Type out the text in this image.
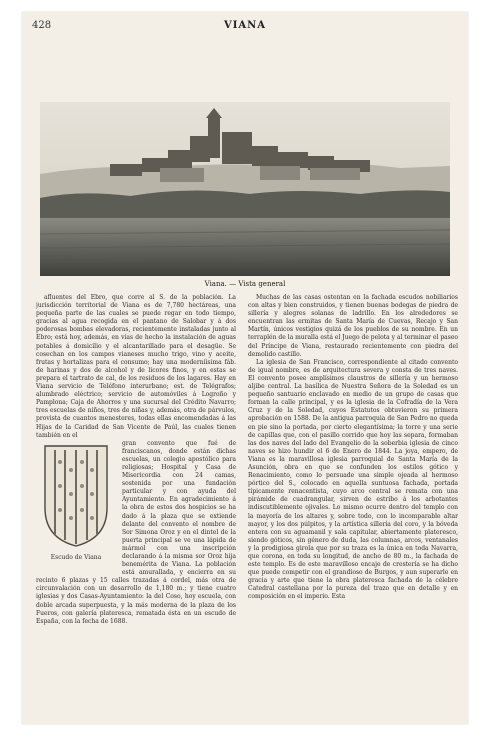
428	VIANA
Viana. — Vista general

afluentes del Ebro, que corre al S. de la población. La jurisdicción territorial de Viana es de 7,780 hectáreas, una pequeña parte de las cuales se puede regar en todo tiempo, gracias al agua recogida en el pantano de Salobar y á dos poderosas bombas elevadoras, recientemente instaladas junto al Ebro; está hoy, además, en vías de hecho la instalación de aguas potables á domicilio y el alcantarillado para el desagüe. Se cosechan en los campos vianeses mucho trigo, vino y aceite, frutas y hortalizas para el consumo; hay una moderníisima fáb. de harinas y dos de alcohol y de licores finos, y en estas se prepara el tartrato de cal, de los residuos de los lagares. Hay en Viana servicio de Teléfono interurbano; est. de Telégrafos; alumbrado eléctrico; servicio de automóviles á Logroño y Pamplona; Caja de Ahorros y una sucursal del Crédito Navarro; tres escuelas de niños, tres de niñas y, además, otra de párvulos, provista de cuantos menesteres, todas ellas encomendadas á las Hijas de la Caridad de San Vicente de Paúl, las cuales tienen también en el

Escudo de Viana

gran convento que fué de franciscanos, donde están dichas escuelas, un colegio apostólico para religiosas; Hospital y Casa de Misericordia con 24 camas, sostenida por una fundación particular y con ayuda del Ayuntamiento. En agradecimiento á la obra de estos dos hospicios se ha dado á la plaza que se extiende delante del convento el nombre de Sor Simona Oroz y en el dintel de la puerta principal se ve una lápida de mármol con una inscripción declarando á la misma sor Oroz hija benemérita de Viana. La población está amurallada, y encierra en su recinto 6 plazas y 15 calles trazadas á cordel, más otra de circunvalación con un desarrollo de 1,180 m.; y tiene cuatro iglesias y dos Casas-Ayuntamiento: la del Coso, hoy escuela, con doble arcada superpuesta, y la más moderna de la plaza de los Fueros, con galería plateresca, rematada ésta en un escudo de España, con la fecha de 1688.

Muchas de las casas ostentan en la fachada escudos nobiliarios con altas y bien construidos, y tienen buenas bodegas de piedra de sillería y alegres solanas de ladrillo. En los alrededores se encuentran las ermitas de Santa María de Cuevas, Recajo y San Martín, únicos vestigios quizá de los pueblos de su nombre. En un terraplén de la muralla está el Juego de pelota y al terminar el paseo del Príncipe de Viana, restaurado recientemente con piedra del demolido castillo.

La iglesia de San Francisco, correspondiente al citado convento de igual nombre, es de arquitectura severa y consta de tres naves. El convento posee amplísimos claustros de sillería y un hermoso aljibe central. La basílica de Nuestra Señora de la Soledad es un pequeño santuario enclavado en medio de un grupo de casas que forman la calle principal, y es la iglesia de la Cofradía de la Vera Cruz y de la Soledad, cuyos Estatutos obtuvieron su primera aprobación en 1588. De la antigua parroquia de San Pedro no queda en pie sino la portada, por cierto elegantísima; la torre y una serie de capillas que, con el pasillo corrido que hoy las separa, formaban las dos naves del lado del Evangelio de la soberbia iglesia de cinco naves se hizo hundir el 6 de Enero de 1844. La joya, empero, de Viana es la maravillosa iglesia parroquial de Santa María de la Asunción, obra en que se confunden los estilos gótico y Renacimiento, como lo persuade una simple ojeada al hermoso pórtico del S., colocado en aquella suntuosa fachada, portada típicamente renacentista, cuyo arco central se remata con una pirámide de cuadrangular, sirven de estribo á los arbotantes indiscutiblemente ojivales. Lo mismo ocurre dentro del templo con la mayoría de los altares y, sobre todo, con lo incomparable altar mayor, y los dos púlpitos, y la artística sillería del coro, y la bóveda entera con su aguamanil y sala capitular, abiertamente plateresco, siendo góticos, sin género de duda, las columnas, arcos, ventanales y la prodigiosa girola que por su traza es la única en toda Navarra, que corona, en toda su longitud, de ancho de 80 m., la fachada de este templo. Es de este maravilloso encaje de crestería se ha dicho que puede competir con el grandioso de Burgos, y aun superarle en gracia y arte que tiene la obra plateresca fachada de la célebre Catedral castellana por la pureza del trazo que en detalle y en composición en el imperio. Esta
